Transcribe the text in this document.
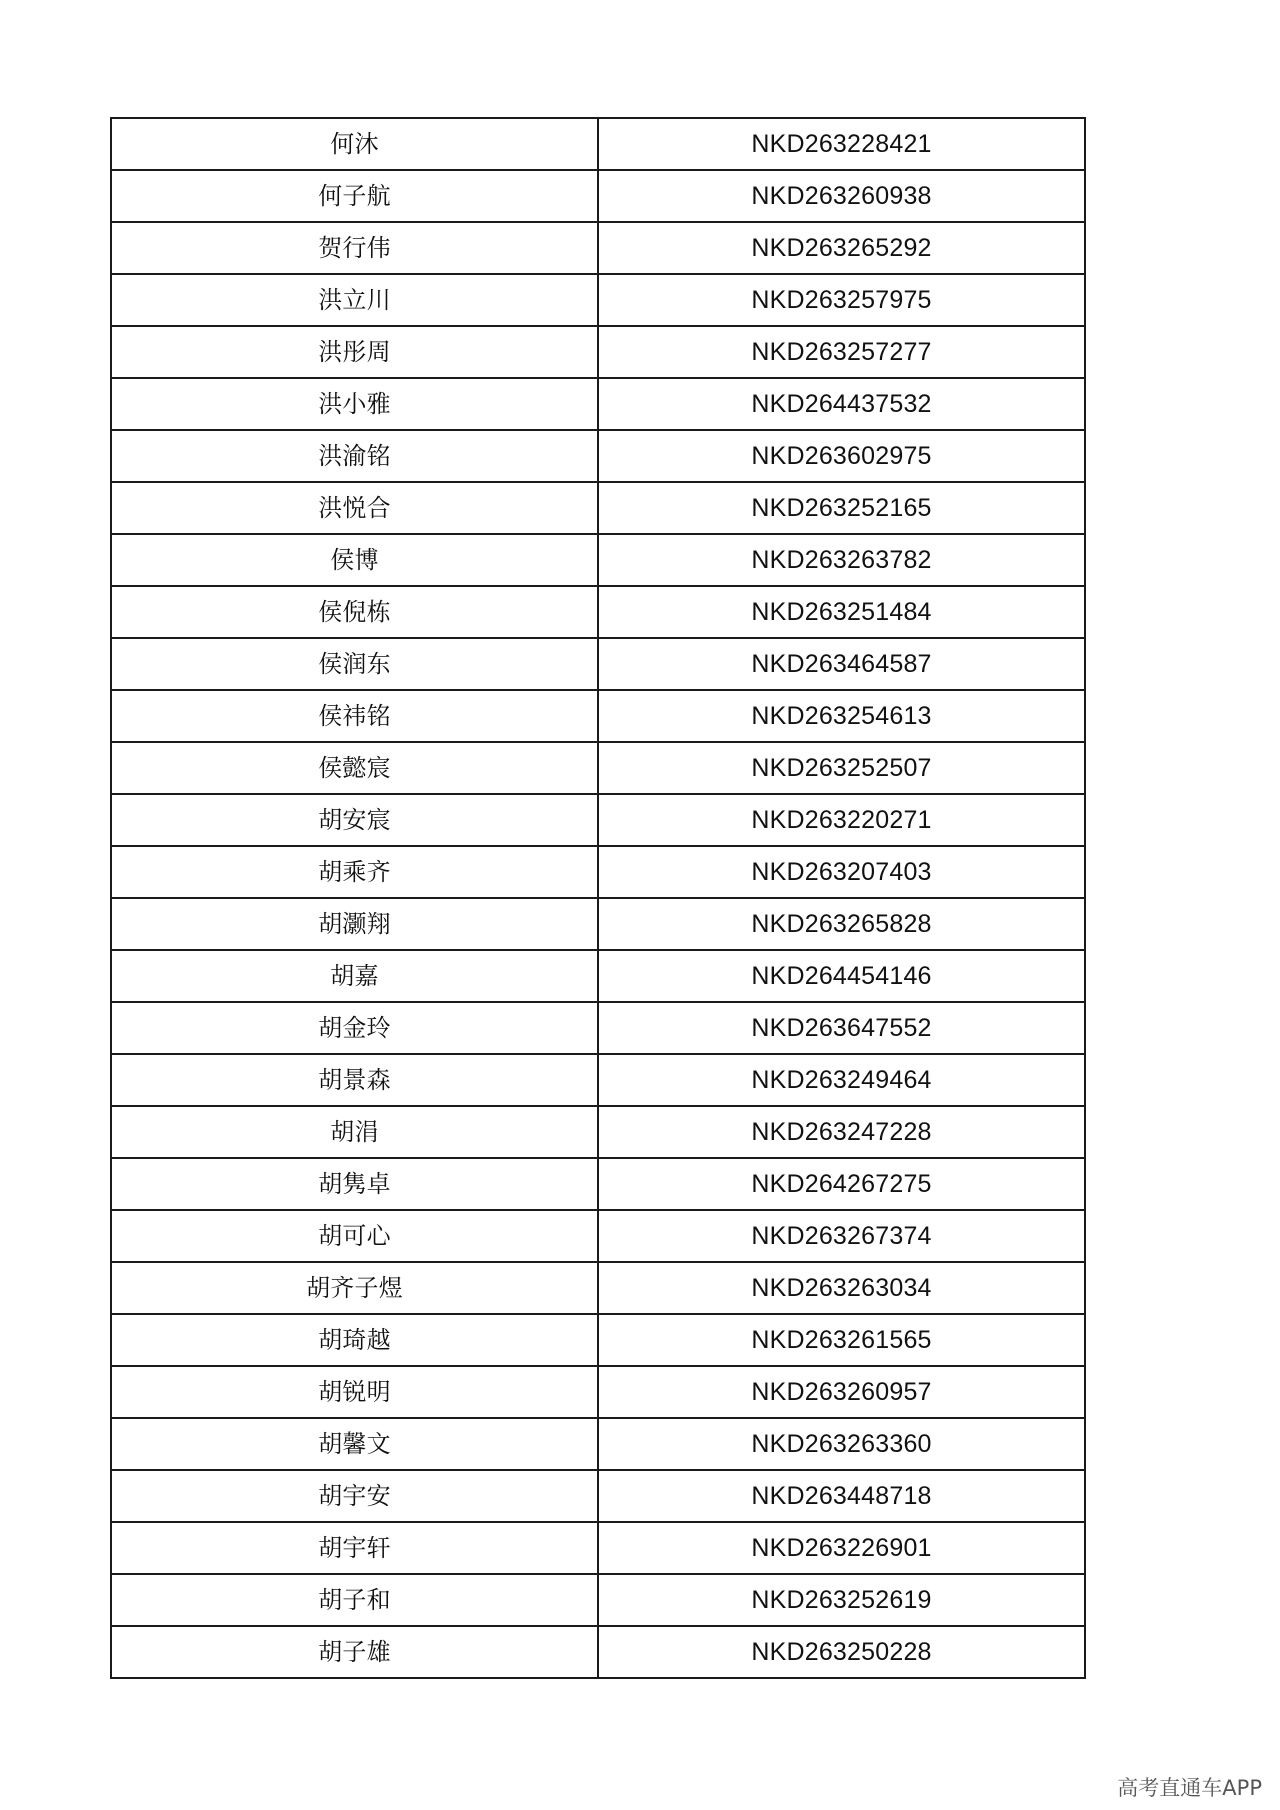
何沐	NKD263228421
何子航	NKD263260938
贺行伟	NKD263265292
洪立川	NKD263257975
洪彤周	NKD263257277
洪小雅	NKD264437532
洪渝铭	NKD263602975
洪悦合	NKD263252165
侯博	NKD263263782
侯倪栋	NKD263251484
侯润东	NKD263464587
侯祎铭	NKD263254613
侯懿宸	NKD263252507
胡安宸	NKD263220271
胡乘齐	NKD263207403
胡灏翔	NKD263265828
胡嘉	NKD264454146
胡金玲	NKD263647552
胡景森	NKD263249464
胡涓	NKD263247228
胡隽卓	NKD264267275
胡可心	NKD263267374
胡齐子煜	NKD263263034
胡琦越	NKD263261565
胡锐明	NKD263260957
胡馨文	NKD263263360
胡宇安	NKD263448718
胡宇轩	NKD263226901
胡子和	NKD263252619
胡子雄	NKD263250228
高考直通车APP
